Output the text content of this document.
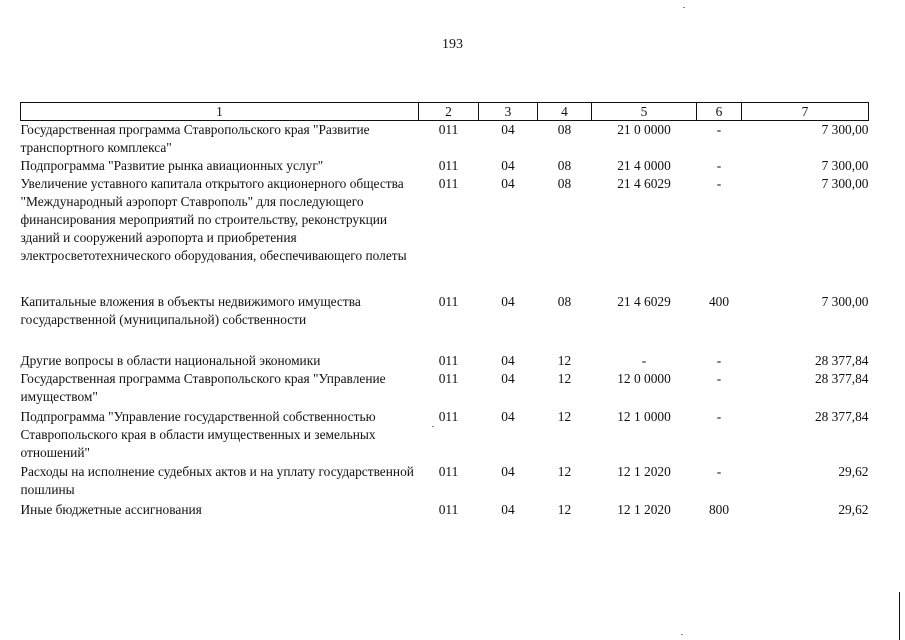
193
1	2	3	4	5	6	7
Государственная программа Ставропольского края "Развитие транспортного комплекса"	011	04	08	21 0 0000	-	7 300,00
Подпрограмма "Развитие рынка авиационных услуг"	011	04	08	21 4 0000	-	7 300,00
Увеличение уставного капитала открытого акционерного общества "Международный аэропорт Ставрополь" для последующего финансирования мероприятий по строительству, реконструкции зданий и сооружений аэропорта и приобретения электросветотехнического оборудования, обеспечивающего полеты	011	04	08	21 4 6029	-	7 300,00
Капитальные вложения в объекты недвижимого имущества государственной (муниципальной) собственности	011	04	08	21 4 6029	400	7 300,00
Другие вопросы в области национальной экономики	011	04	12	-	-	28 377,84
Государственная программа Ставропольского края "Управление имуществом"	011	04	12	12 0 0000	-	28 377,84
Подпрограмма "Управление государственной собственностью Ставропольского края в области имущественных и земельных отношений"	011	04	12	12 1 0000	-	28 377,84
Расходы на исполнение судебных актов и на уплату государственной пошлины	011	04	12	12 1 2020	-	29,62
Иные бюджетные ассигнования	011	04	12	12 1 2020	800	29,62
